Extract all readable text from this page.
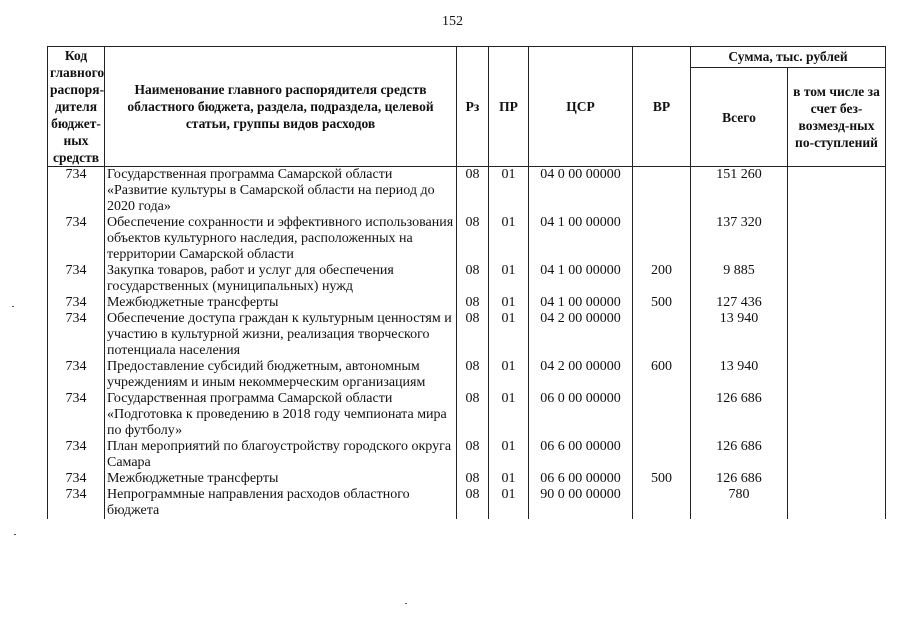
152
Код главного распоря-дителя бюджет-ных средств	Наименование главного распорядителя средств областного бюджета, раздела, подраздела, целевой статьи, группы видов расходов	Рз	ПР	ЦСР	ВР	Сумма, тыс. рублей	
						Всего	в том числе за счет без-возмезд-ных по-ступлений
734	Государственная программа Самарской области «Развитие культуры в Самарской области на период до 2020 года»	08	01	04 0 00 00000		151 260	
734	Обеспечение сохранности и эффективного использования объектов культурного наследия, расположенных на территории Самарской области	08	01	04 1 00 00000		137 320	
734	Закупка товаров, работ и услуг для обеспечения государственных (муниципальных) нужд	08	01	04 1 00 00000	200	9 885	
734	Межбюджетные трансферты	08	01	04 1 00 00000	500	127 436	
734	Обеспечение доступа граждан к культурным ценностям и участию в культурной жизни, реализация творческого потенциала населения	08	01	04 2 00 00000		13 940	
734	Предоставление субсидий бюджетным, автономным учреждениям и иным некоммерческим организациям	08	01	04 2 00 00000	600	13 940	
734	Государственная программа Самарской области «Подготовка к проведению в 2018 году чемпионата мира по футболу»	08	01	06 0 00 00000		126 686	
734	План мероприятий по благоустройству городского округа Самара	08	01	06 6 00 00000		126 686	
734	Межбюджетные трансферты	08	01	06 6 00 00000	500	126 686	
734	Непрограммные направления расходов областного бюджета	08	01	90 0 00 00000		780	
